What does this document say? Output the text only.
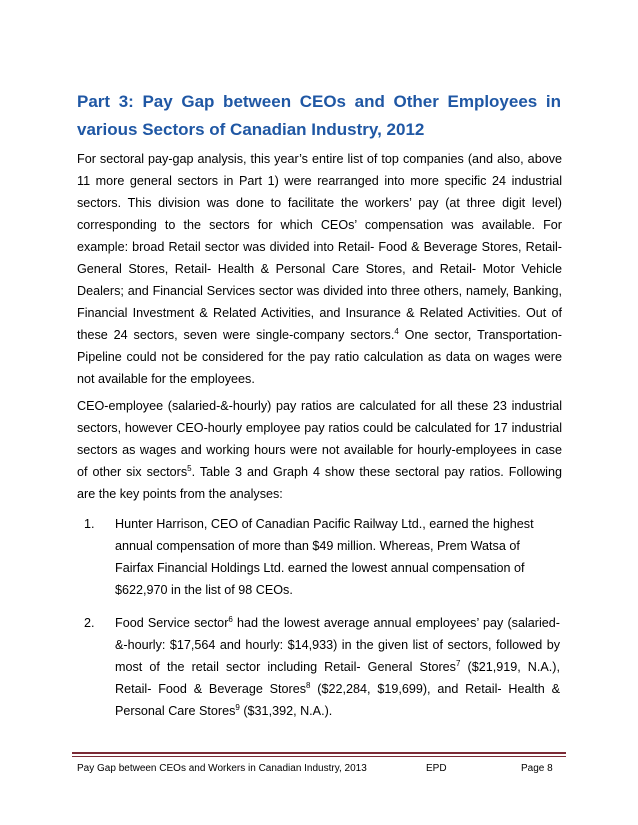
Part 3: Pay Gap between CEOs and Other Employees in various Sectors of Canadian Industry, 2012

For sectoral pay-gap analysis, this year’s entire list of top companies (and also, above 11 more general sectors in Part 1) were rearranged into more specific 24 industrial sectors. This division was done to facilitate the workers’ pay (at three digit level) corresponding to the sectors for which CEOs’ compensation was available. For example: broad Retail sector was divided into Retail- Food & Beverage Stores, Retail-General Stores, Retail- Health & Personal Care Stores, and Retail- Motor Vehicle Dealers; and Financial Services sector was divided into three others, namely, Banking, Financial Investment & Related Activities, and Insurance & Related Activities. Out of these 24 sectors, seven were single-company sectors.$^4$ One sector, Transportation-Pipeline could not be considered for the pay ratio calculation as data on wages were not available for the employees.

CEO-employee (salaried-&-hourly) pay ratios are calculated for all these 23 industrial sectors, however CEO-hourly employee pay ratios could be calculated for 17 industrial sectors as wages and working hours were not available for hourly-employees in case of other six sectors$^5$. Table 3 and Graph 4 show these sectoral pay ratios. Following are the key points from the analyses:

1. Hunter Harrison, CEO of Canadian Pacific Railway Ltd., earned the highest annual compensation of more than $49 million. Whereas, Prem Watsa of Fairfax Financial Holdings Ltd. earned the lowest annual compensation of $622,970 in the list of 98 CEOs.

2. Food Service sector$^6$ had the lowest average annual employees’ pay (salaried-&-hourly: $17,564 and hourly: $14,933) in the given list of sectors, followed by most of the retail sector including Retail- General Stores$^7$ ($21,919, N.A.), Retail- Food & Beverage Stores$^8$ ($22,284, $19,699), and Retail- Health & Personal Care Stores$^9$ ($31,392, N.A.).

Pay Gap between CEOs and Workers in Canadian Industry, 2013	EPD	Page 8
